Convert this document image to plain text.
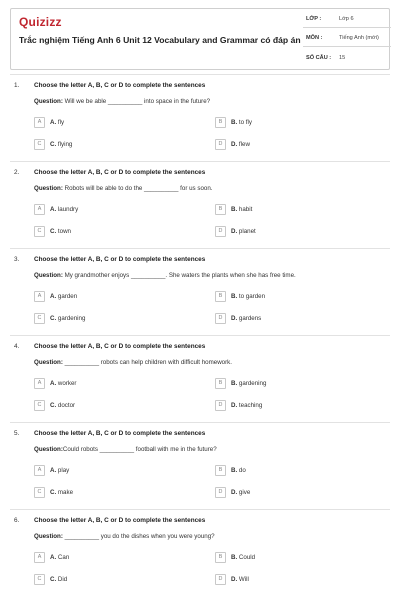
Quizizz
Trắc nghiệm Tiếng Anh 6 Unit 12 Vocabulary and Grammar có đáp án
LỚP :	Lớp 6
MÔN :	Tiếng Anh (mới)
SỐ CÂU :	15
1. Choose the letter A, B, C or D to complete the sentences
Question: Will we be able __________ into space in the future?
A	A. fly	B	B. to fly
C	C. flying	D	D. flew
2. Choose the letter A, B, C or D to complete the sentences
Question: Robots will be able to do the __________ for us soon.
A	A. laundry	B	B. habit
C	C. town	D	D. planet
3. Choose the letter A, B, C or D to complete the sentences
Question: My grandmother enjoys __________. She waters the plants when she has free time.
A	A. garden	B	B. to garden
C	C. gardening	D	D. gardens
4. Choose the letter A, B, C or D to complete the sentences
Question: __________ robots can help children with difficult homework.
A	A. worker	B	B. gardening
C	C. doctor	D	D. teaching
5. Choose the letter A, B, C or D to complete the sentences
Question:Could robots __________ football with me in the future?
A	A. play	B	B. do
C	C. make	D	D. give
6. Choose the letter A, B, C or D to complete the sentences
Question: __________ you do the dishes when you were young?
A	A. Can	B	B. Could
C	C. Did	D	D. Will
